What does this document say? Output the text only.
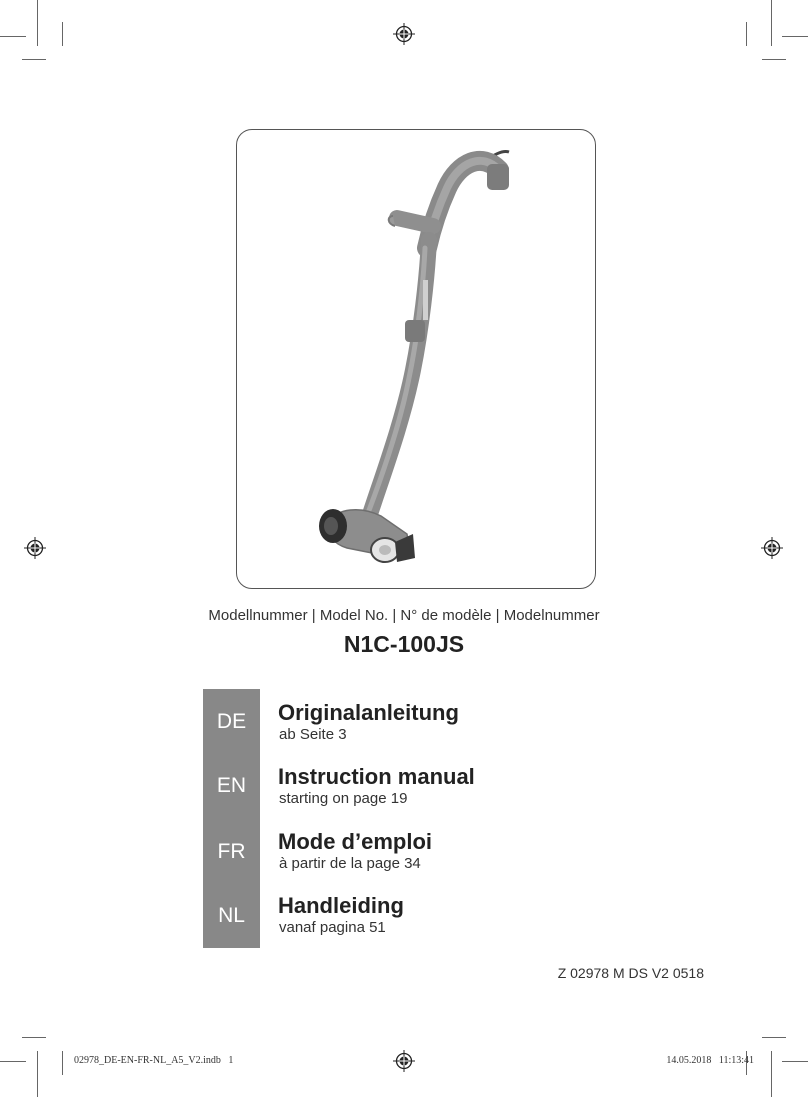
Modellnummer | Model No. | N° de modèle | Modelnummer
N1C-100JS
DE	Originalanleitung
ab Seite 3
EN	Instruction manual
starting on page 19
FR	Mode d’emploi
à partir de la page 34
NL	Handleiding
vanaf pagina 51
Z 02978 M DS V2 0518
02978_DE-EN-FR-NL_A5_V2.indb   1	14.05.2018   11:13:41
